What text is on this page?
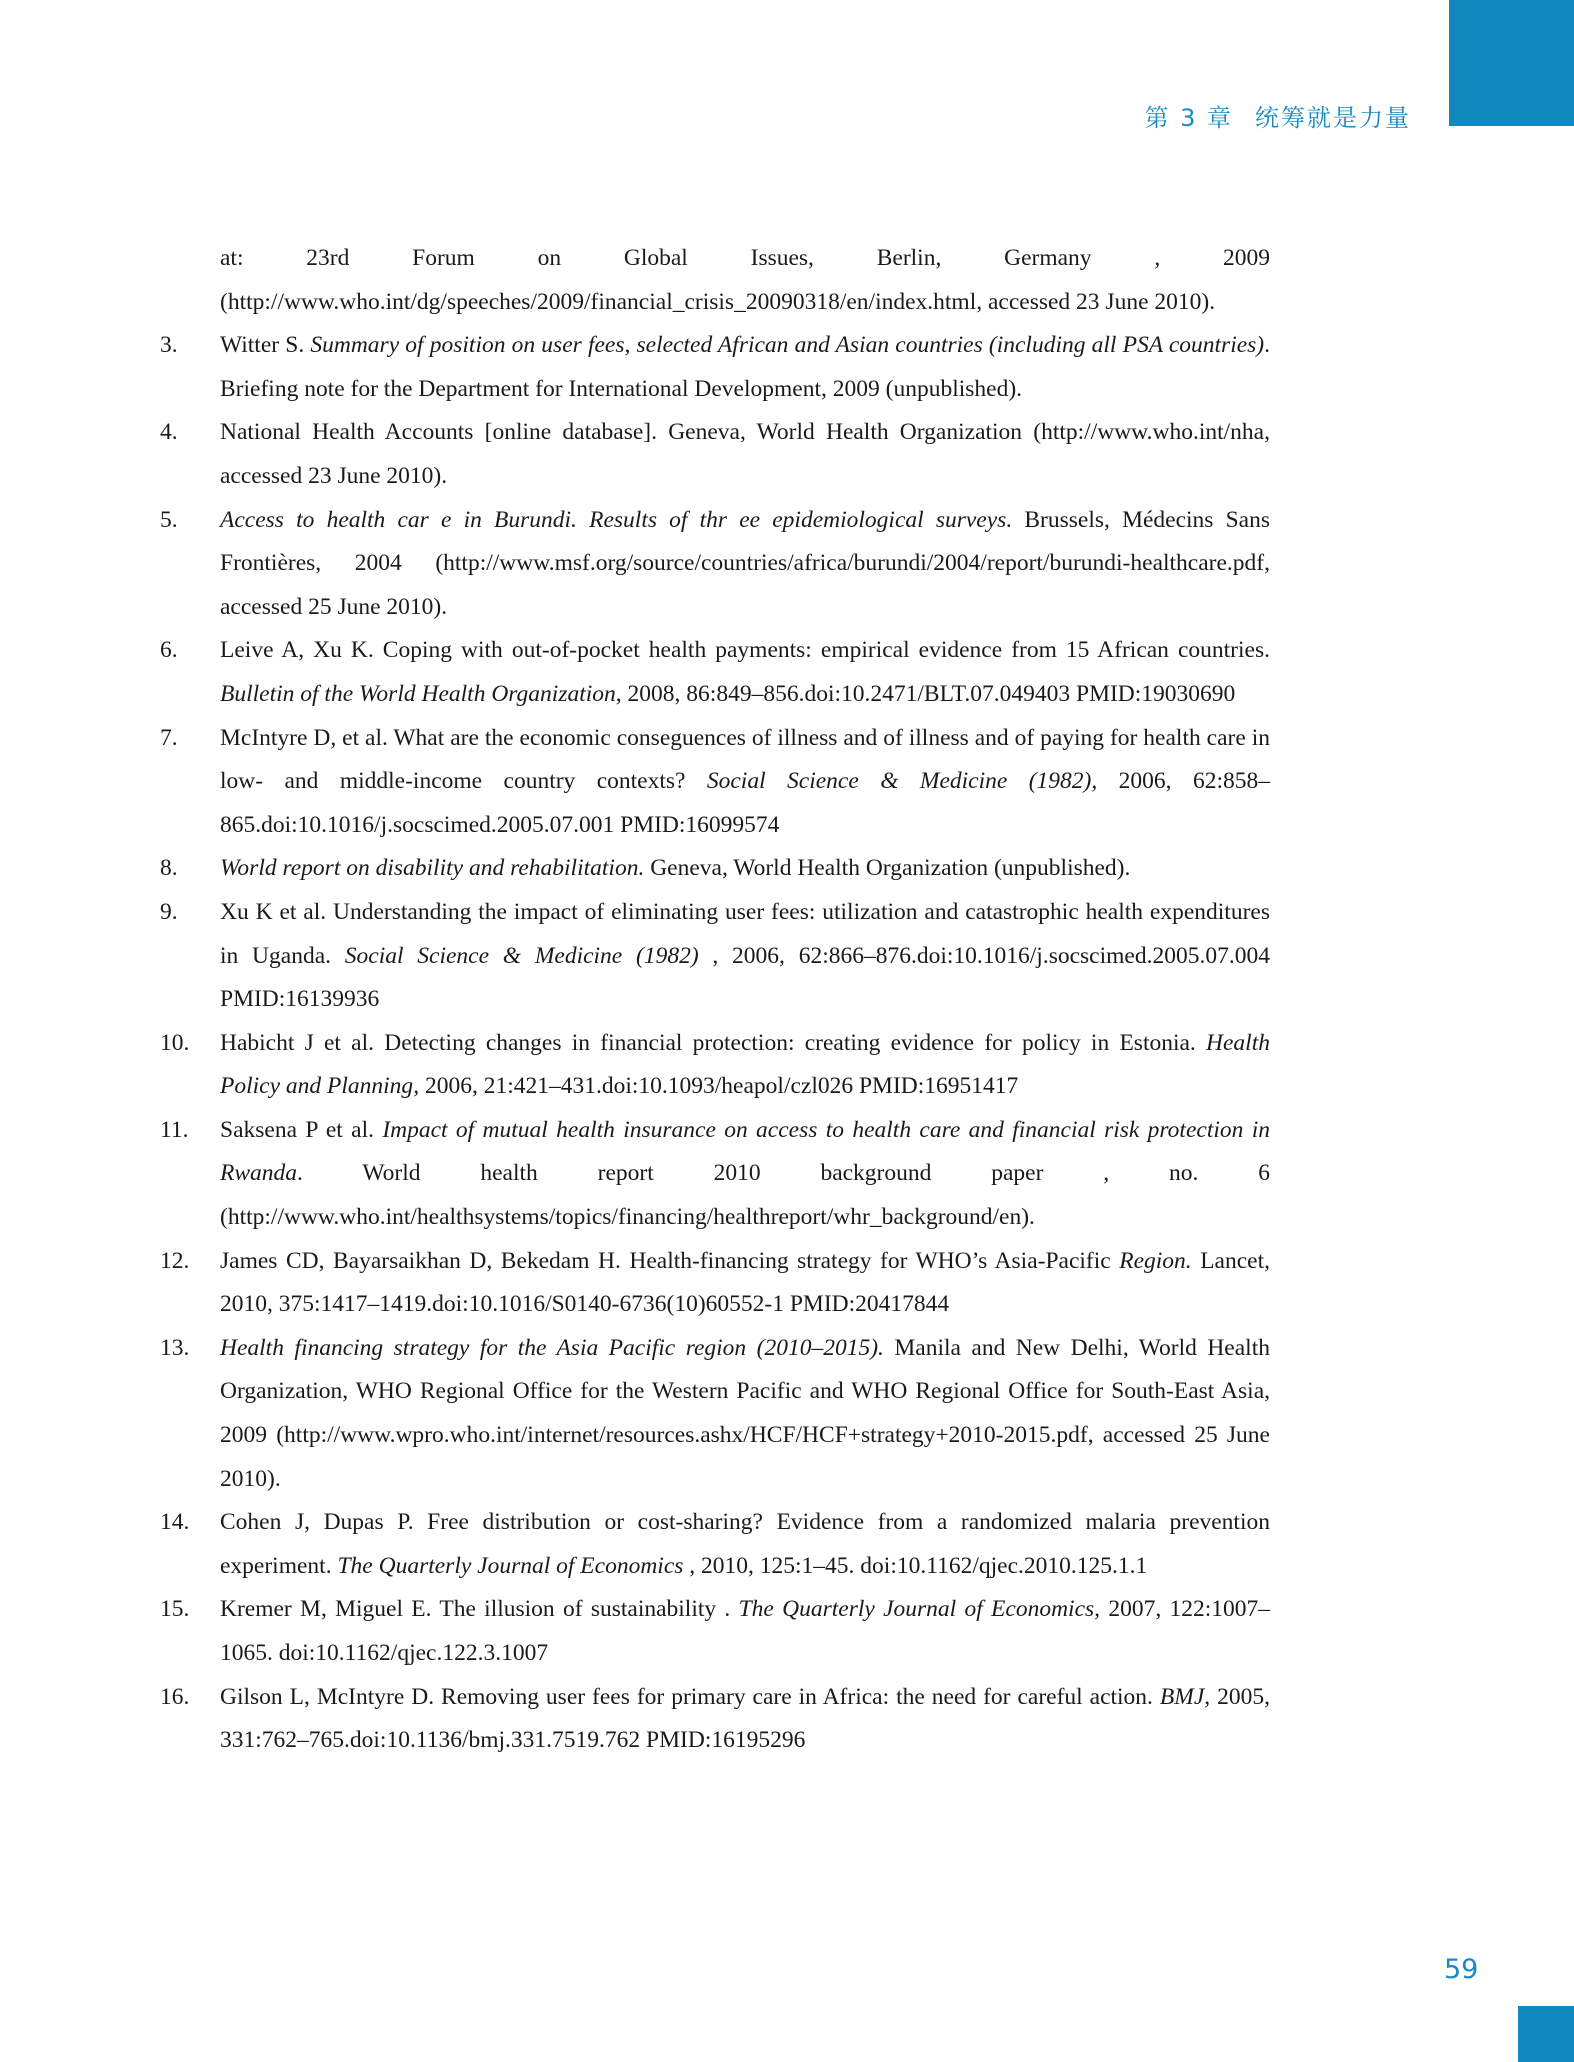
第 3 章 统筹就是力量
at: 23rd Forum on Global Issues, Berlin, Germany , 2009 (http://www.who.int/dg/speeches/2009/financial_crisis_20090318/en/index.html, accessed 23 June 2010).
3.	Witter S. Summary of position on user fees, selected African and Asian countries (including all PSA countries). Briefing note for the Department for International Development, 2009 (unpublished).
4.	National Health Accounts [online database]. Geneva, World Health Organization (http://www.who.int/nha, accessed 23 June 2010).
5.	Access to health car e in Burundi. Results of thr ee epidemiological surveys. Brussels, Médecins Sans Frontières, 2004 (http://www.msf.org/source/countries/africa/burundi/2004/report/burundi-healthcare.pdf, accessed 25 June 2010).
6.	Leive A, Xu K. Coping with out-of-pocket health payments: empirical evidence from 15 African countries. Bulletin of the World Health Organization, 2008, 86:849–856.doi:10.2471/BLT.07.049403 PMID:19030690
7.	McIntyre D, et al. What are the economic conseguences of illness and of illness and of paying for health care in low- and middle-income country contexts? Social Science & Medicine (1982), 2006, 62:858–865.doi:10.1016/j.socscimed.2005.07.001 PMID:16099574
8.	World report on disability and rehabilitation. Geneva, World Health Organization (unpublished).
9.	Xu K et al. Understanding the impact of eliminating user fees: utilization and catastrophic health expenditures in Uganda. Social Science & Medicine (1982) , 2006, 62:866–876.doi:10.1016/j.socscimed.2005.07.004 PMID:16139936
10.	Habicht J et al. Detecting changes in financial protection: creating evidence for policy in Estonia. Health Policy and Planning, 2006, 21:421–431.doi:10.1093/heapol/czl026 PMID:16951417
11.	Saksena P et al. Impact of mutual health insurance on access to health care and financial risk protection in Rwanda. World health report 2010 background paper , no. 6 (http://www.who.int/healthsystems/topics/financing/healthreport/whr_background/en).
12.	James CD, Bayarsaikhan D, Bekedam H. Health-financing strategy for WHO’s Asia-Pacific Region. Lancet, 2010, 375:1417–1419.doi:10.1016/S0140-6736(10)60552-1 PMID:20417844
13.	Health financing strategy for the Asia Pacific region (2010–2015). Manila and New Delhi, World Health Organization, WHO Regional Office for the Western Pacific and WHO Regional Office for South-East Asia, 2009 (http://www.wpro.who.int/internet/resources.ashx/HCF/HCF+strategy+2010-2015.pdf, accessed 25 June 2010).
14.	Cohen J, Dupas P. Free distribution or cost-sharing? Evidence from a randomized malaria prevention experiment. The Quarterly Journal of Economics , 2010, 125:1–45. doi:10.1162/qjec.2010.125.1.1
15.	Kremer M, Miguel E. The illusion of sustainability . The Quarterly Journal of Economics, 2007, 122:1007–1065. doi:10.1162/qjec.122.3.1007
16.	Gilson L, McIntyre D. Removing user fees for primary care in Africa: the need for careful action. BMJ, 2005, 331:762–765.doi:10.1136/bmj.331.7519.762 PMID:16195296
59
